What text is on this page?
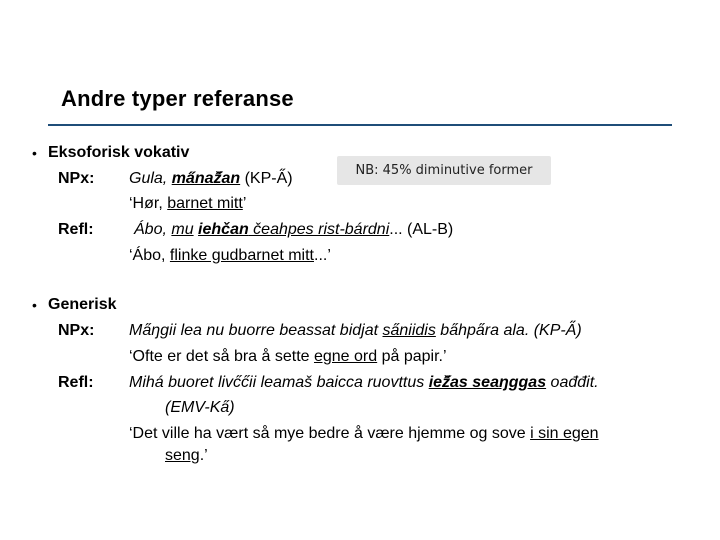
Andre typer referanse
• Eksoforisk vokativ
NPx: Gula, ma̋naž̋an (KP-A̋)	NB: 45% diminutive former
‘Hør, barnet mitt’
Refl:	Ábo, mu iehčan čeahpes rist-bárdni... (AL-B)
‘Ábo, flinke gudbarnet mitt...’
• Generisk
NPx: Ma̋ŋgii lea nu buorre beassat bidjat sa̋niidis ba̋hpa̋ra ala. (KP-A̋)
‘Ofte er det så bra å sette egne ord på papir.’
Refl: Mihá buoret livc̋c̋ii leamaš baicca ruovttus iež̋as seaŋggas oađđit.
(EMV-Ka̋)
‘Det ville ha vært så mye bedre å være hjemme og sove i sin egen
seng.’
